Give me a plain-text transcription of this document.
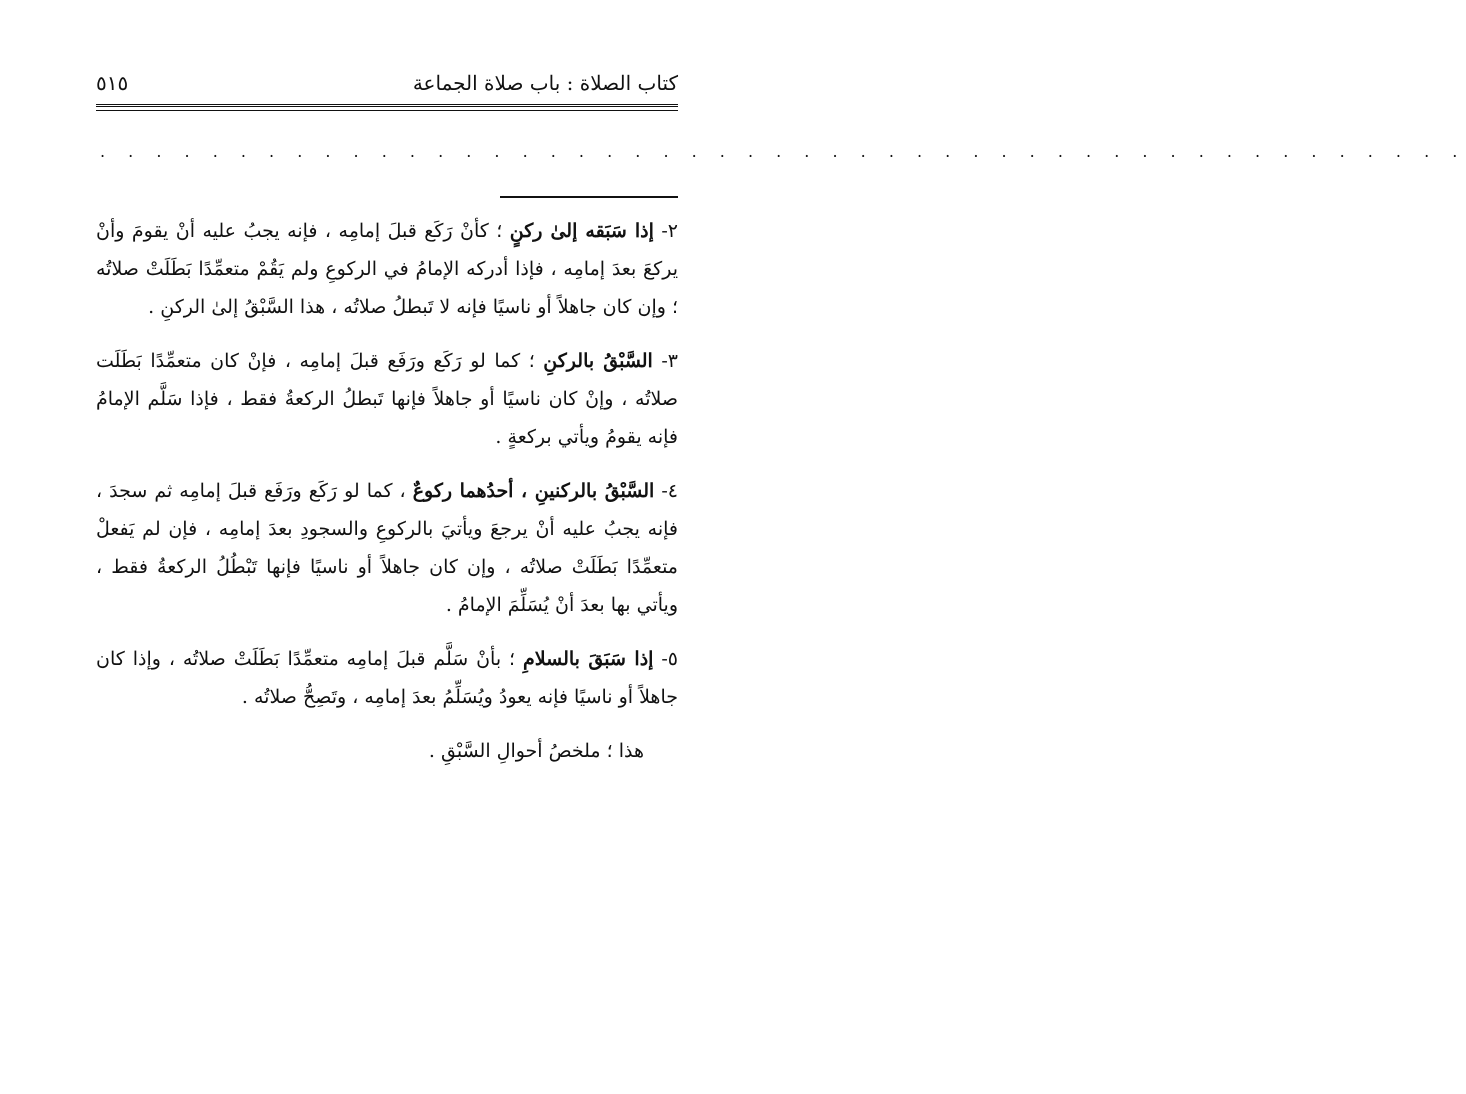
كتاب الصلاة : باب صلاة الجماعة
٥١٥
. . . . . . . . . . . . . . . . . . . . . . . . . . . . . . . . . . . . . . . . . . . . . . . . .

٢- إذا سَبَقه إلىٰ ركنٍ ؛ كأنْ رَكَع قبلَ إمامِه ، فإنه يجبُ عليه أنْ يقومَ وأنْ يركعَ بعدَ إمامِه ، فإذا أدركه الإمامُ في الركوعِ ولم يَقُمْ متعمِّدًا بَطَلَتْ صلاتُه ؛ وإن كان جاهلاً أو ناسيًا فإنه لا تَبطلُ صلاتُه ، هذا السَّبْقُ إلىٰ الركنِ .

٣- السَّبْقُ بالركنِ ؛ كما لو رَكَع ورَفَع قبلَ إمامِه ، فإنْ كان متعمِّدًا بَطَلَت صلاتُه ، وإنْ كان ناسيًا أو جاهلاً فإنها تَبطلُ الركعةُ فقط ، فإذا سَلَّم الإمامُ فإنه يقومُ ويأتي بركعةٍ .

٤- السَّبْقُ بالركنينِ ، أحدُهما ركوعٌ ، كما لو رَكَع ورَفَع قبلَ إمامِه ثم سجدَ ، فإنه يجبُ عليه أنْ يرجعَ ويأتيَ بالركوعِ والسجودِ بعدَ إمامِه ، فإن لم يَفعلْ متعمِّدًا بَطَلَتْ صلاتُه ، وإن كان جاهلاً أو ناسيًا فإنها تَبْطُلُ الركعةُ فقط ، ويأتي بها بعدَ أنْ يُسَلِّمَ الإمامُ .

٥- إذا سَبَقَ بالسلامِ ؛ بأنْ سَلَّم قبلَ إمامِه متعمِّدًا بَطَلَتْ صلاتُه ، وإذا كان جاهلاً أو ناسيًا فإنه يعودُ ويُسَلِّمُ بعدَ إمامِه ، وتَصِحُّ صلاتُه .

هذا ؛ ملخصُ أحوالِ السَّبْقِ .
